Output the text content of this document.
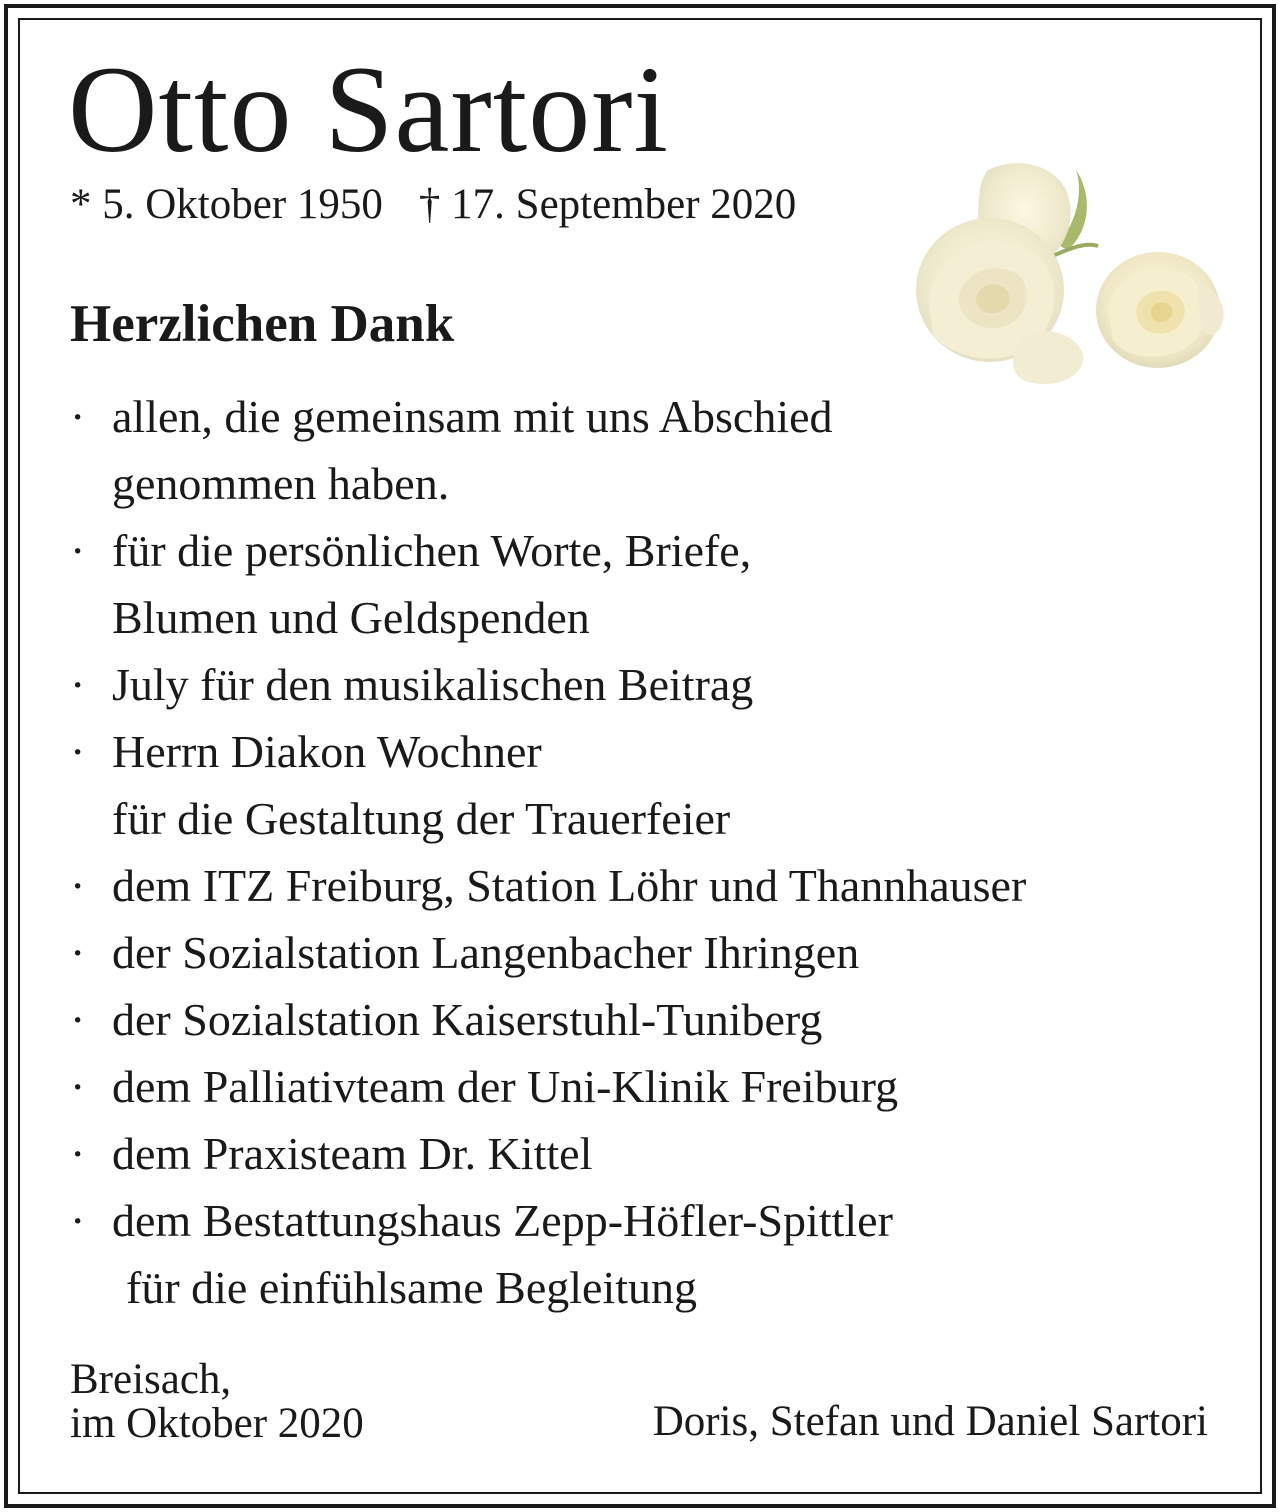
Otto Sartori
* 5. Oktober 1950 † 17. September 2020
Herzlichen Dank
· allen, die gemeinsam mit uns Abschied
genommen haben.
· für die persönlichen Worte, Briefe,
Blumen und Geldspenden
· July für den musikalischen Beitrag
· Herrn Diakon Wochner
für die Gestaltung der Trauerfeier
· dem ITZ Freiburg, Station Löhr und Thannhauser
· der Sozialstation Langenbacher Ihringen
· der Sozialstation Kaiserstuhl-Tuniberg
· dem Palliativteam der Uni-Klinik Freiburg
· dem Praxisteam Dr. Kittel
· dem Bestattungshaus Zepp-Höfler-Spittler
für die einfühlsame Begleitung
Breisach,
im Oktober 2020	Doris, Stefan und Daniel Sartori
